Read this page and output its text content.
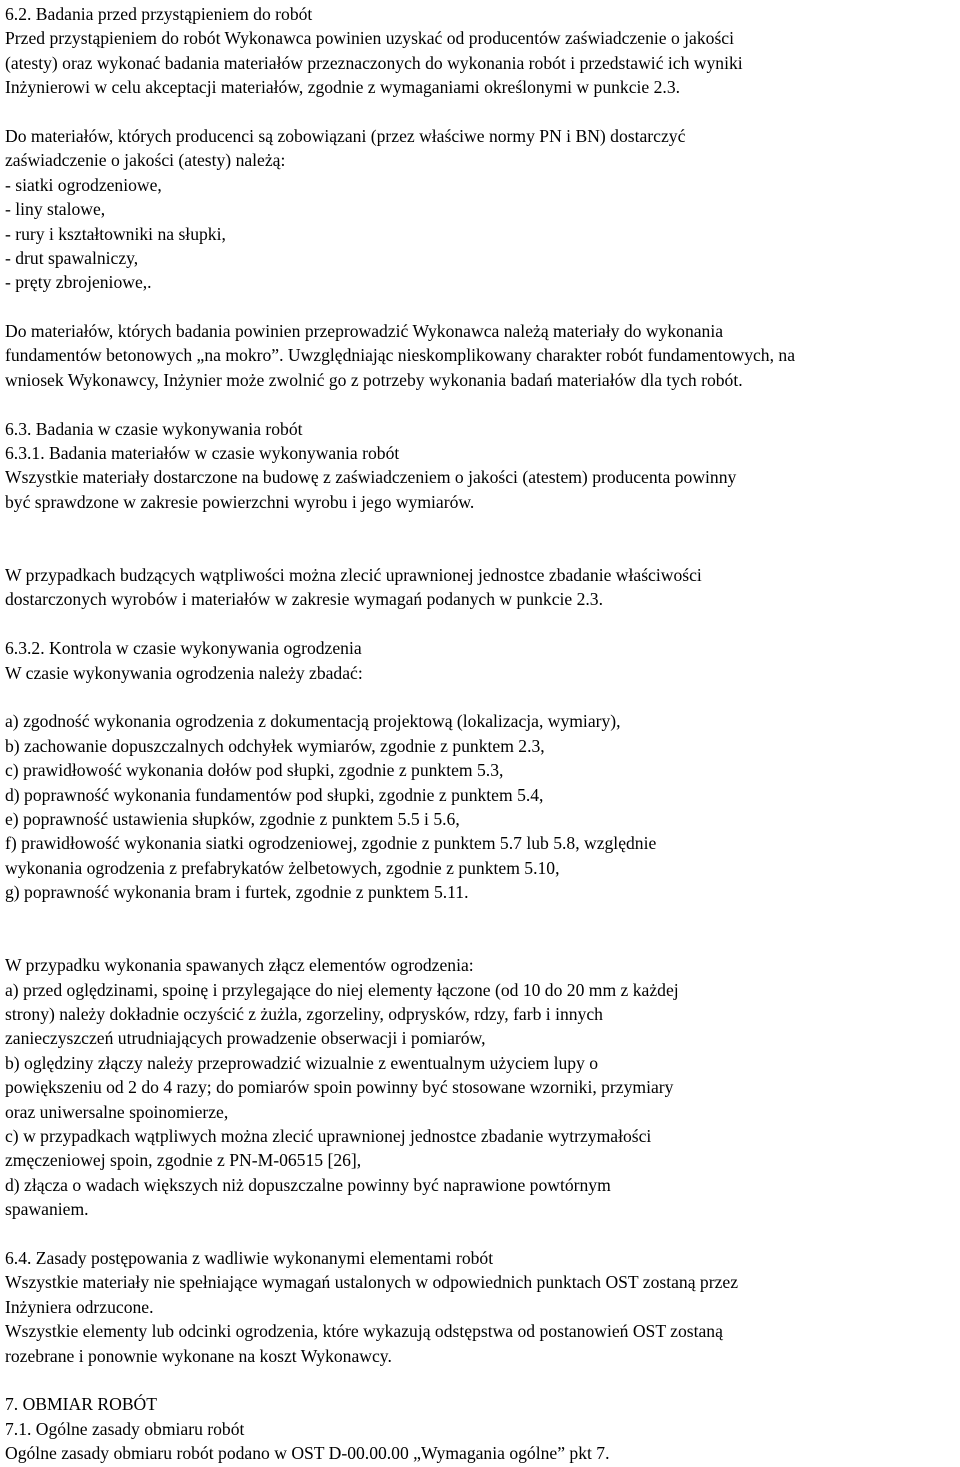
6.2. Badania przed przystąpieniem do robót
Przed przystąpieniem do robót Wykonawca powinien uzyskać od producentów zaświadczenie o jakości
(atesty) oraz wykonać badania materiałów przeznaczonych do wykonania robót i przedstawić ich wyniki
Inżynierowi w celu akceptacji materiałów, zgodnie z wymaganiami określonymi w punkcie 2.3.
Do materiałów, których producenci są zobowiązani (przez właściwe normy PN i BN) dostarczyć
zaświadczenie o jakości (atesty) należą:
- siatki ogrodzeniowe,
- liny stalowe,
- rury i kształtowniki na słupki,
- drut spawalniczy,
- pręty zbrojeniowe,.
Do materiałów, których badania powinien przeprowadzić Wykonawca należą materiały do wykonania
fundamentów betonowych „na mokro”. Uwzględniając nieskomplikowany charakter robót fundamentowych, na
wniosek Wykonawcy, Inżynier może zwolnić go z potrzeby wykonania badań materiałów dla tych robót.
6.3. Badania w czasie wykonywania robót
6.3.1. Badania materiałów w czasie wykonywania robót
Wszystkie materiały dostarczone na budowę z zaświadczeniem o jakości (atestem) producenta powinny
być sprawdzone w zakresie powierzchni wyrobu i jego wymiarów.
W przypadkach budzących wątpliwości można zlecić uprawnionej jednostce zbadanie właściwości
dostarczonych wyrobów i materiałów w zakresie wymagań podanych w punkcie 2.3.
6.3.2. Kontrola w czasie wykonywania ogrodzenia
W czasie wykonywania ogrodzenia należy zbadać:
a) zgodność wykonania ogrodzenia z dokumentacją projektową (lokalizacja, wymiary),
b) zachowanie dopuszczalnych odchyłek wymiarów, zgodnie z punktem 2.3,
c) prawidłowość wykonania dołów pod słupki, zgodnie z punktem 5.3,
d) poprawność wykonania fundamentów pod słupki, zgodnie z punktem 5.4,
e) poprawność ustawienia słupków, zgodnie z punktem 5.5 i 5.6,
f) prawidłowość wykonania siatki ogrodzeniowej, zgodnie z punktem 5.7 lub 5.8, względnie
wykonania ogrodzenia z prefabrykatów żelbetowych, zgodnie z punktem 5.10,
g) poprawność wykonania bram i furtek, zgodnie z punktem 5.11.
W przypadku wykonania spawanych złącz elementów ogrodzenia:
a) przed oględzinami, spoinę i przylegające do niej elementy łączone (od 10 do 20 mm z każdej
strony) należy dokładnie oczyścić z żużla, zgorzeliny, odprysków, rdzy, farb i innych
zanieczyszczeń utrudniających prowadzenie obserwacji i pomiarów,
b) oględziny złączy należy przeprowadzić wizualnie z ewentualnym użyciem lupy o
powiększeniu od 2 do 4 razy; do pomiarów spoin powinny być stosowane wzorniki, przymiary
oraz uniwersalne spoinomierze,
c) w przypadkach wątpliwych można zlecić uprawnionej jednostce zbadanie wytrzymałości
zmęczeniowej spoin, zgodnie z PN-M-06515 [26],
d) złącza o wadach większych niż dopuszczalne powinny być naprawione powtórnym
spawaniem.
6.4. Zasady postępowania z wadliwie wykonanymi elementami robót
Wszystkie materiały nie spełniające wymagań ustalonych w odpowiednich punktach OST zostaną przez
Inżyniera odrzucone.
Wszystkie elementy lub odcinki ogrodzenia, które wykazują odstępstwa od postanowień OST zostaną
rozebrane i ponownie wykonane na koszt Wykonawcy.
7. OBMIAR ROBÓT
7.1. Ogólne zasady obmiaru robót
Ogólne zasady obmiaru robót podano w OST D-00.00.00 „Wymagania ogólne” pkt 7.
